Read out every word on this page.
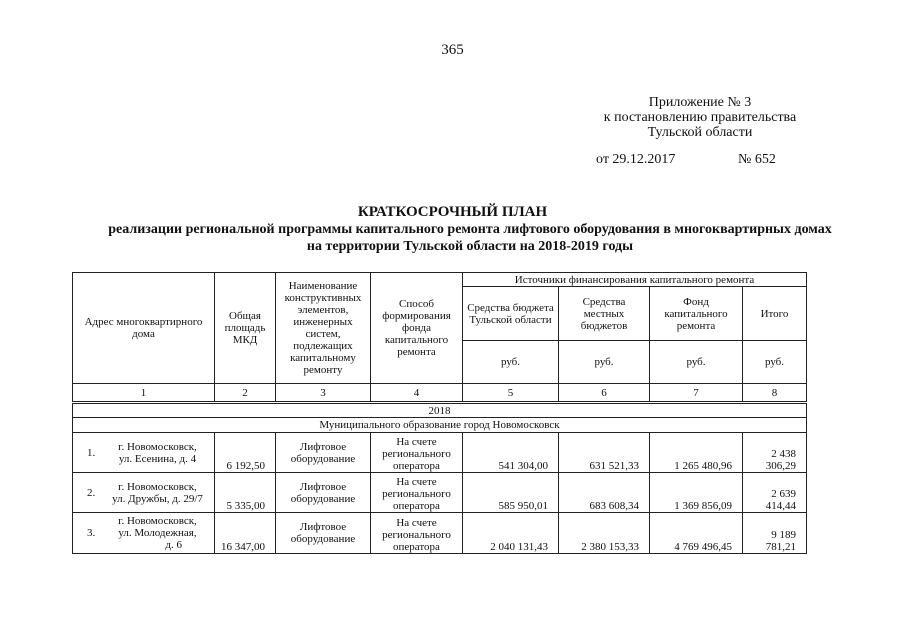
365
Приложение № 3
к постановлению правительства
Тульской области
от 29.12.2017	№ 652
КРАТКОСРОЧНЫЙ ПЛАН
реализации региональной программы капитального ремонта лифтового оборудования в многоквартирных домах
на территории Тульской области на 2018-2019 годы
Адрес многоквартирного дома	Общая площадь МКД	Наименование конструктивных элементов, инженерных систем, подлежащих капитальному ремонту	Способ формирования фонда капитального ремонта	Источники финансирования капитального ремонта			
				Средства бюджета Тульской области	Средства местных бюджетов	Фонд капитального ремонта	Итого
				руб.	руб.	руб.	руб.
1	2	3	4	5	6	7	8
2018							
Муниципального образование город Новомосковск							

1. г. Новомосковск,
ул. Есенина, д. 4	6 192,50	Лифтовое оборудование	На счете регионального оператора	541 304,00	631 521,33	1 265 480,96	2 438 306,29

2. г. Новомосковск,
ул. Дружбы, д. 29/7	5 335,00	Лифтовое оборудование	На счете регионального оператора	585 950,01	683 608,34	1 369 856,09	2 639 414,44

3.
г. Новомосковск,
ул. Молодежная,
д. 6	16 347,00	Лифтовое оборудование	На счете регионального оператора	2 040 131,43	2 380 153,33	4 769 496,45	9 189 781,21
